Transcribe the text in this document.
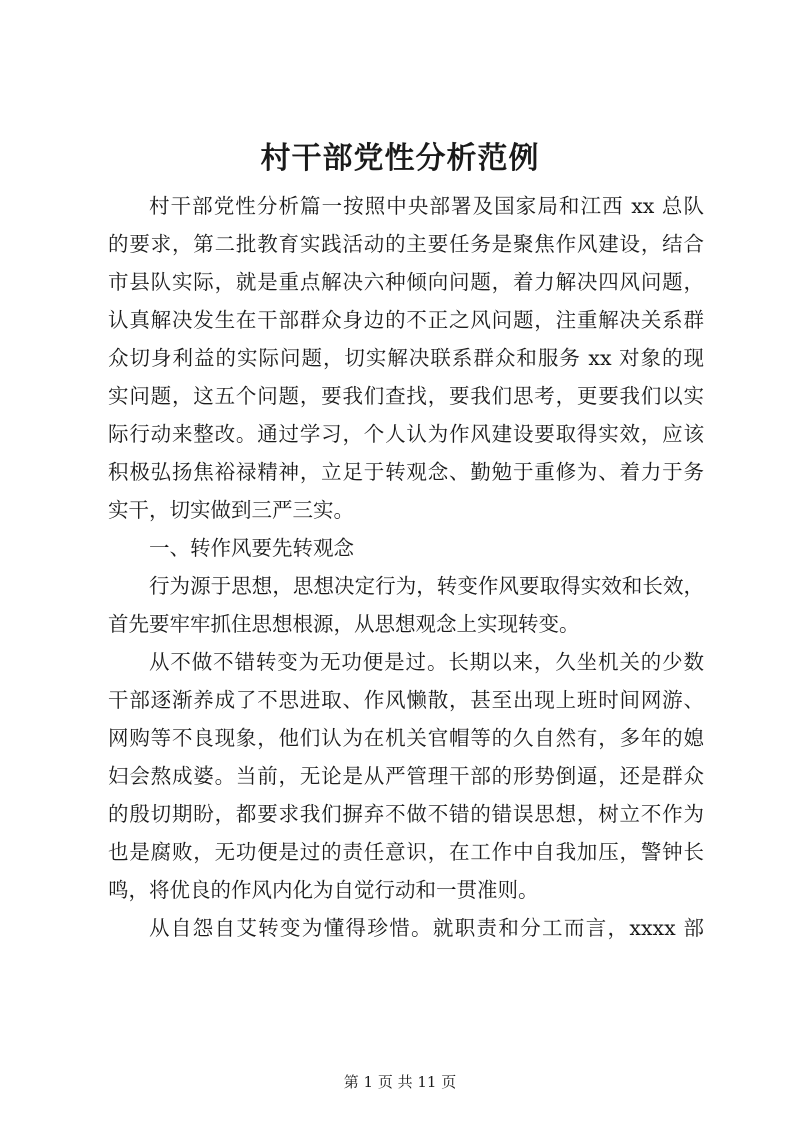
村干部党性分析范例
村干部党性分析篇一按照中央部署及国家局和江西 xx 总队
的要求，第二批教育实践活动的主要任务是聚焦作风建设，结合
市县队实际，就是重点解决六种倾向问题，着力解决四风问题，
认真解决发生在干部群众身边的不正之风问题，注重解决关系群
众切身利益的实际问题，切实解决联系群众和服务 xx 对象的现
实问题，这五个问题，要我们查找，要我们思考，更要我们以实
际行动来整改。通过学习，个人认为作风建设要取得实效，应该
积极弘扬焦裕禄精神，立足于转观念、勤勉于重修为、着力于务
实干，切实做到三严三实。
一、转作风要先转观念
行为源于思想，思想决定行为，转变作风要取得实效和长效，
首先要牢牢抓住思想根源，从思想观念上实现转变。
从不做不错转变为无功便是过。长期以来，久坐机关的少数
干部逐渐养成了不思进取、作风懒散，甚至出现上班时间网游、
网购等不良现象，他们认为在机关官帽等的久自然有，多年的媳
妇会熬成婆。当前，无论是从严管理干部的形势倒逼，还是群众
的殷切期盼，都要求我们摒弃不做不错的错误思想，树立不作为
也是腐败，无功便是过的责任意识，在工作中自我加压，警钟长
鸣，将优良的作风内化为自觉行动和一贯准则。
从自怨自艾转变为懂得珍惜。就职责和分工而言，xxxx 部
第 1 页 共 11 页
